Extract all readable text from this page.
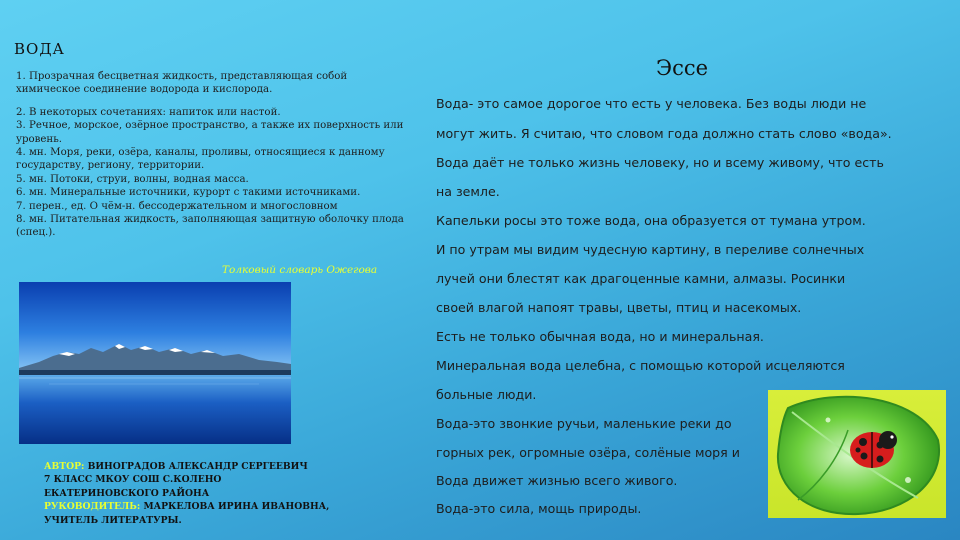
ВОДА

1. Прозрачная бесцветная жидкость, представляющая собой химическое соединение водорода и кислорода.

2. В некоторых сочетаниях: напиток или настой.
3. Речное, морское, озёрное пространство, а также их поверхность или уровень.
4. мн. Моря, реки, озёра, каналы, проливы, относящиеся к данному государству, региону, территории.
5. мн. Потоки, струи, волны, водная масса.
6. мн. Минеральные источники, курорт с такими источниками.
7. перен., ед. О чём-н. бессодержательном и многословном
8. мн. Питательная жидкость, заполняющая защитную оболочку плода (спец.).
Толковый словарь Ожегова
АВТОР: ВИНОГРАДОВ АЛЕКСАНДР СЕРГЕЕВИЧ
7 КЛАСС МКОУ СОШ С.КОЛЕНО
ЕКАТЕРИНОВСКОГО РАЙОНА
РУКОВОДИТЕЛЬ: МАРКЕЛОВА ИРИНА ИВАНОВНА,
УЧИТЕЛЬ ЛИТЕРАТУРЫ.
Эссе
Вода- это самое дорогое что есть у человека. Без воды люди не
могут жить. Я считаю, что словом года должно стать слово «вода».
Вода даёт не только жизнь человеку, но и всему живому, что есть
на земле.
Капельки росы это тоже вода, она образуется от тумана утром.
И по утрам мы видим чудесную картину, в переливе солнечных
лучей они блестят как драгоценные камни, алмазы. Росинки
своей влагой напоят травы, цветы, птиц и насекомых.
Есть не только обычная вода, но и минеральная.
Минеральная вода целебна, с помощью которой исцеляются
больные люди.
Вода-это звонкие ручьи, маленькие реки до
горных рек, огромные озёра, солёные моря и
Вода движет жизнью всего живого.
Вода-это сила, мощь природы.
